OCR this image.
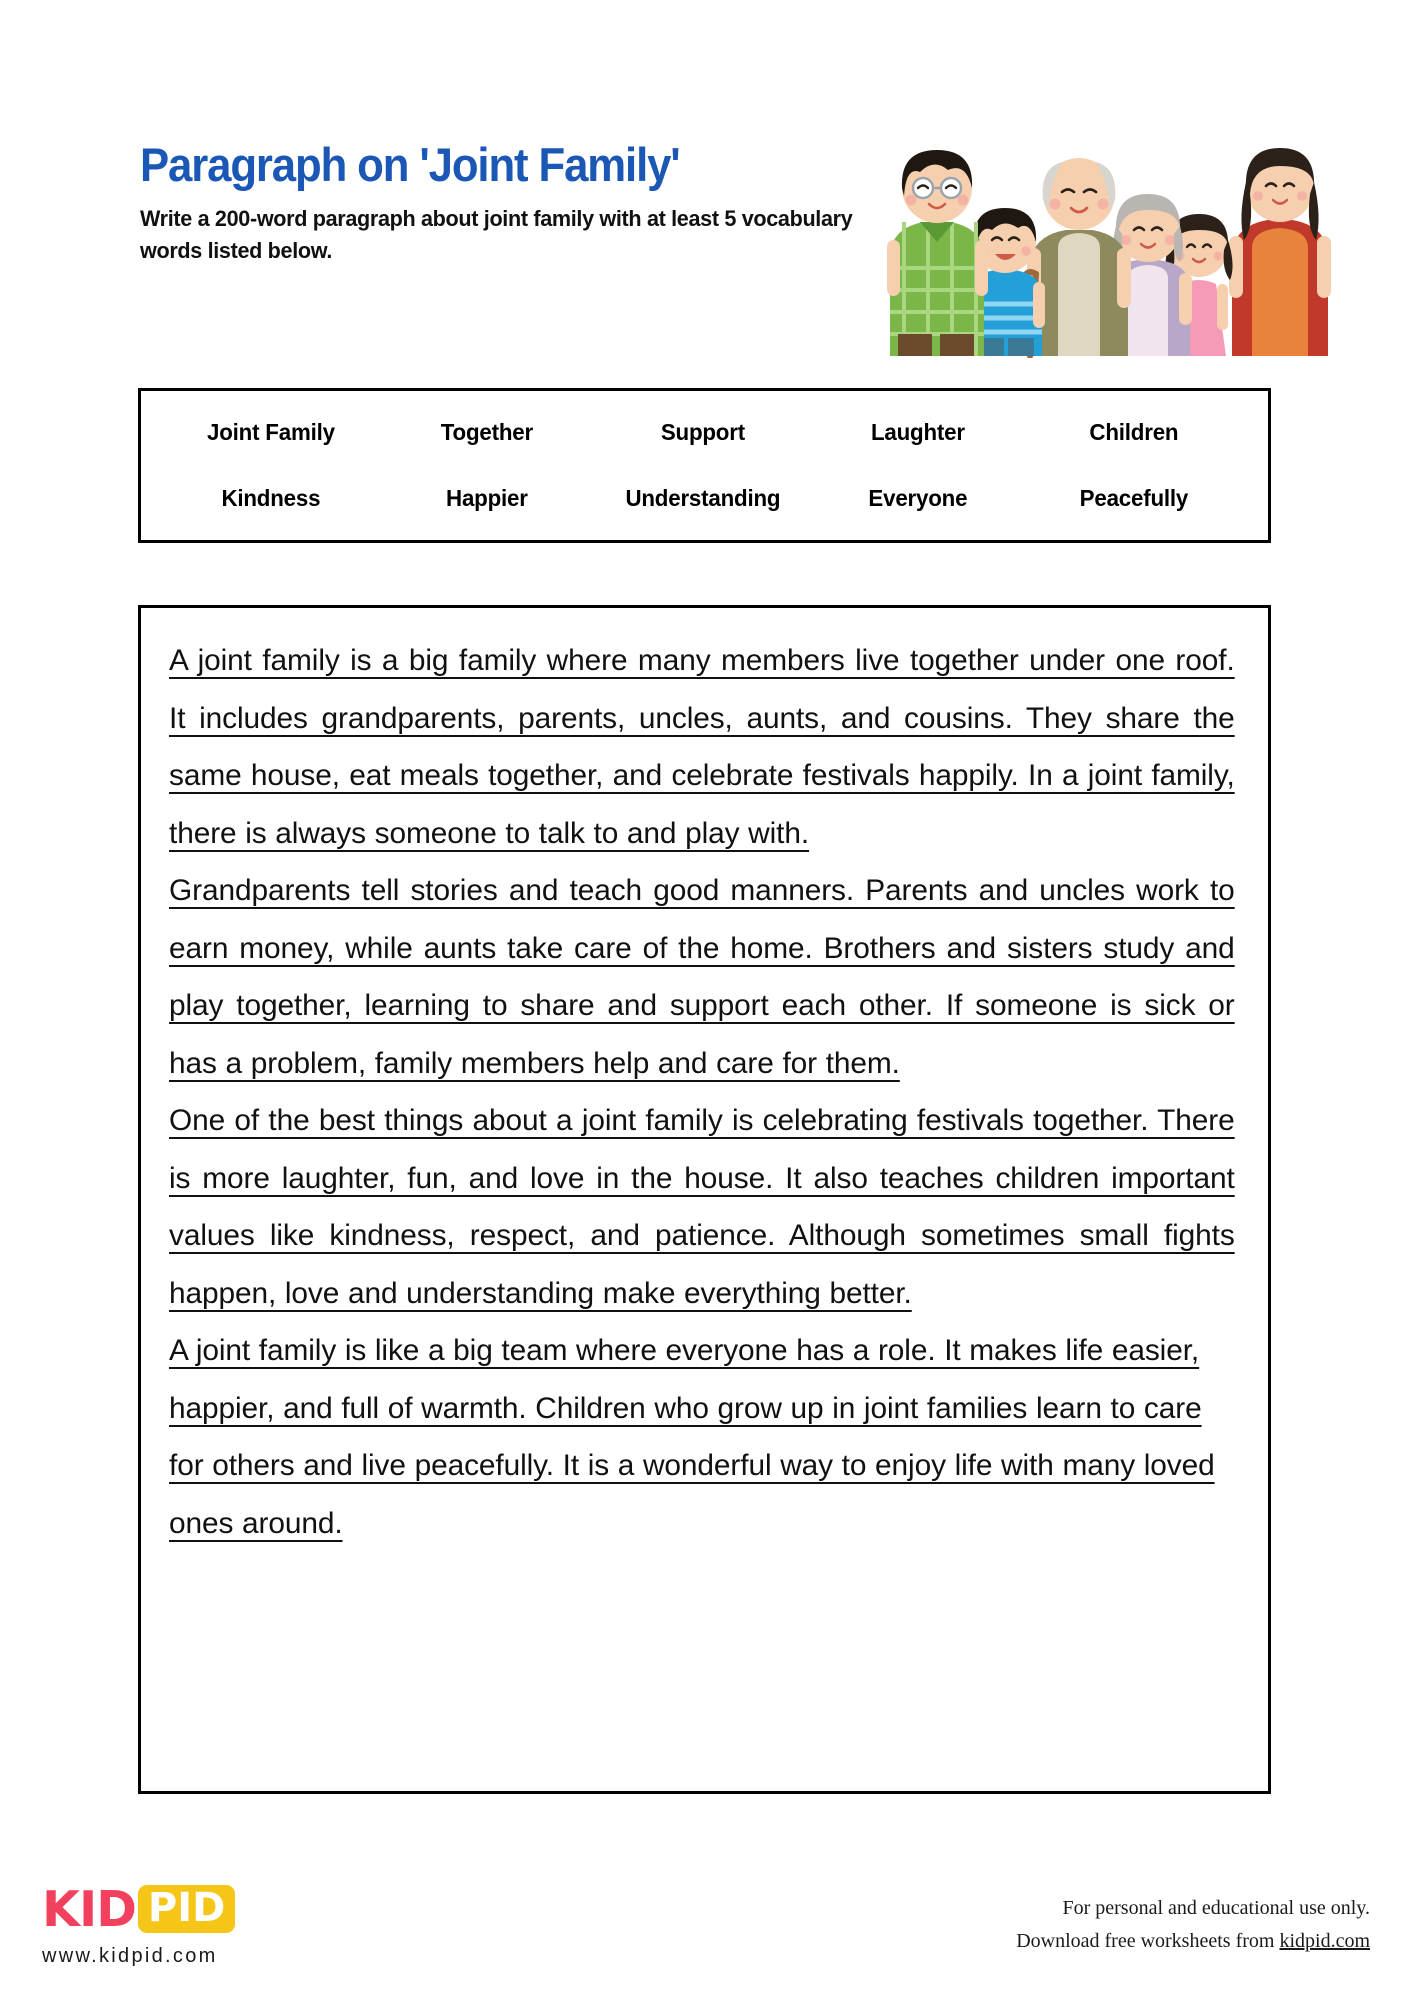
Paragraph on 'Joint Family'
Write a 200-word paragraph about joint family with at least 5 vocabulary words listed below.
Joint Family	Together	Support	Laughter	Children
Kindness	Happier	Understanding	Everyone	Peacefully

A joint family is a big family where many members live together under one roof. It includes grandparents, parents, uncles, aunts, and cousins. They share the same house, eat meals together, and celebrate festivals happily. In a joint family, there is always someone to talk to and play with.

Grandparents tell stories and teach good manners. Parents and uncles work to earn money, while aunts take care of the home. Brothers and sisters study and play together, learning to share and support each other. If someone is sick or has a problem, family members help and care for them.

One of the best things about a joint family is celebrating festivals together. There is more laughter, fun, and love in the house. It also teaches children important values like kindness, respect, and patience. Although sometimes small fights happen, love and understanding make everything better.

A joint family is like a big team where everyone has a role. It makes life easier, happier, and full of warmth. Children who grow up in joint families learn to care for others and live peacefully. It is a wonderful way to enjoy life with many loved ones around.

KID PID
www.kidpid.com
For personal and educational use only.
Download free worksheets from kidpid.com
